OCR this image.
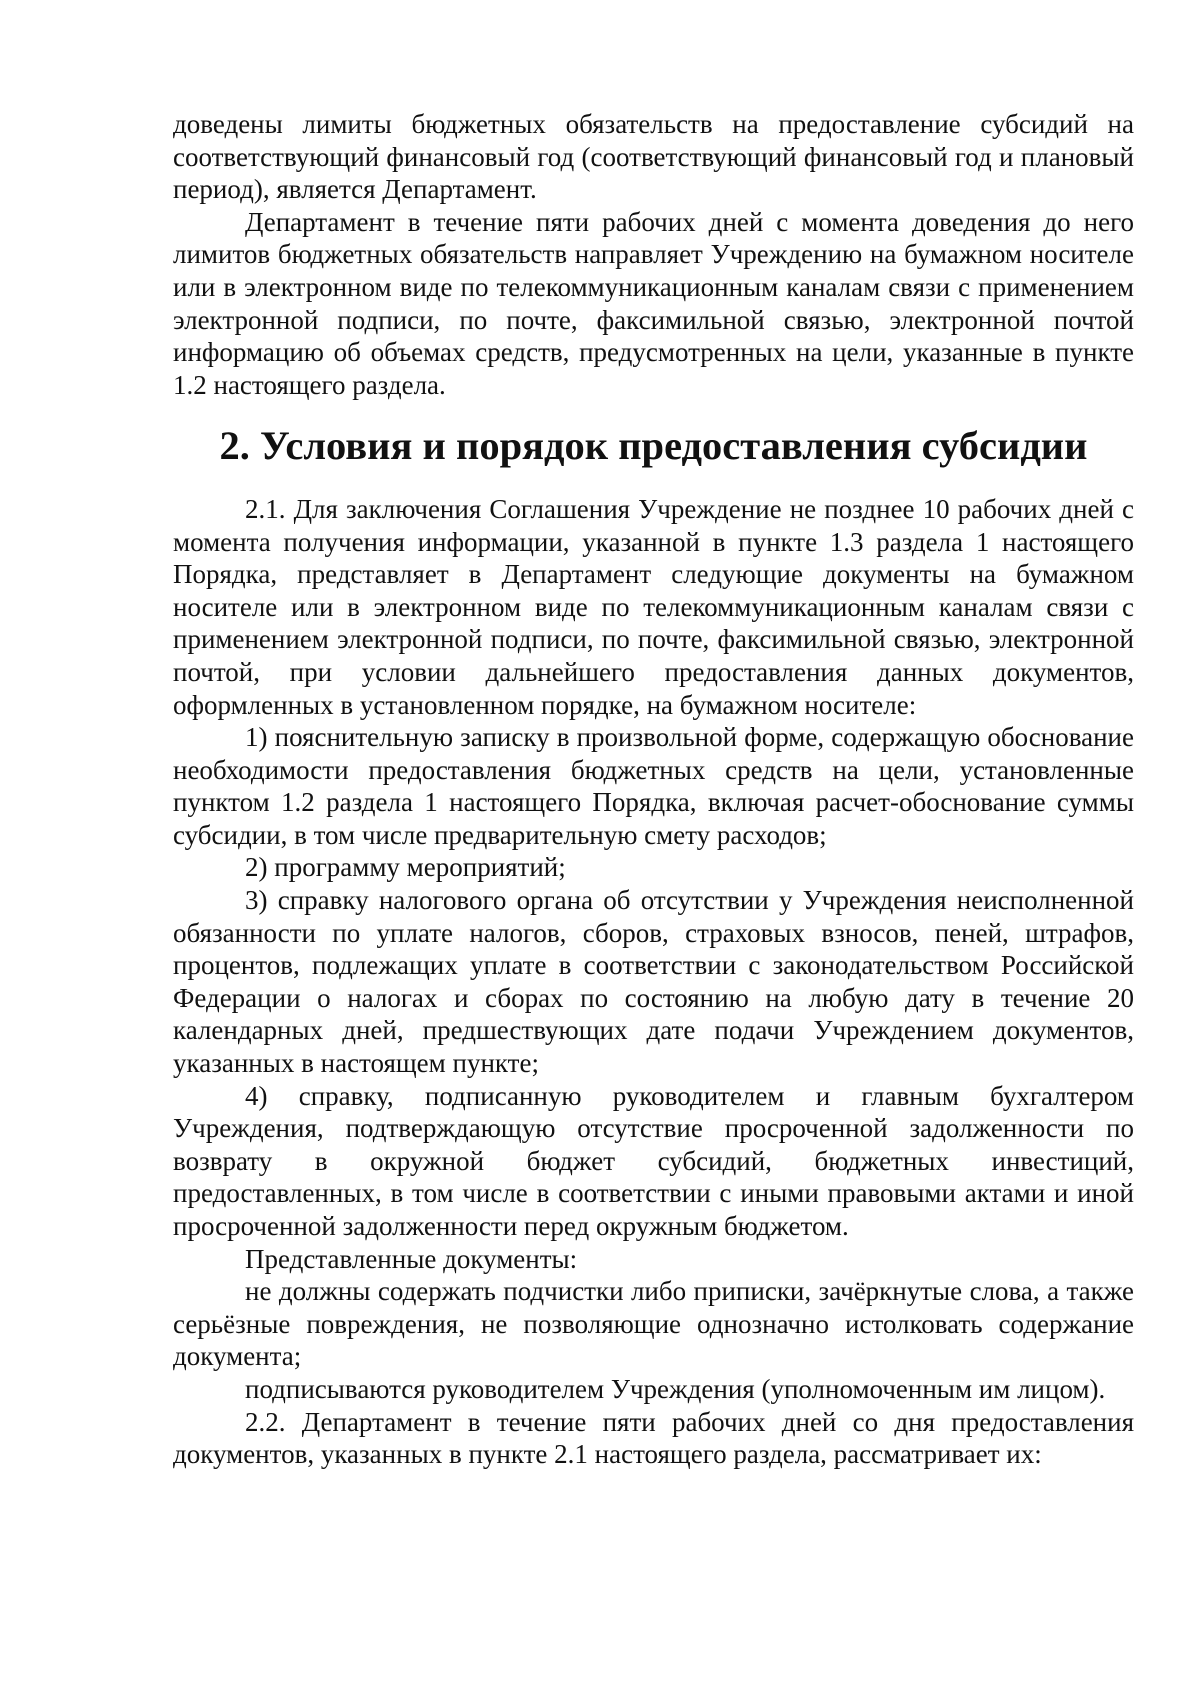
доведены лимиты бюджетных обязательств на предоставление субсидий на соответствующий финансовый год (соответствующий финансовый год и плановый период), является Департамент.

Департамент в течение пяти рабочих дней с момента доведения до него лимитов бюджетных обязательств направляет Учреждению на бумажном носителе или в электронном виде по телекоммуникационным каналам связи с применением электронной подписи, по почте, факсимильной связью, электронной почтой информацию об объемах средств, предусмотренных на цели, указанные в пункте 1.2 настоящего раздела.

2. Условия и порядок предоставления субсидии

2.1. Для заключения Соглашения Учреждение не позднее 10 рабочих дней с момента получения информации, указанной в пункте 1.3 раздела 1 настоящего Порядка, представляет в Департамент следующие документы на бумажном носителе или в электронном виде по телекоммуникационным каналам связи с применением электронной подписи, по почте, факсимильной связью, электронной почтой, при условии дальнейшего предоставления данных документов, оформленных в установленном порядке, на бумажном носителе:

1) пояснительную записку в произвольной форме, содержащую обоснование необходимости предоставления бюджетных средств на цели, установленные пунктом 1.2 раздела 1 настоящего Порядка, включая расчет-обоснование суммы субсидии, в том числе предварительную смету расходов;

2) программу мероприятий;

3) справку налогового органа об отсутствии у Учреждения неисполненной обязанности по уплате налогов, сборов, страховых взносов, пеней, штрафов, процентов, подлежащих уплате в соответствии с законодательством Российской Федерации о налогах и сборах по состоянию на любую дату в течение 20 календарных дней, предшествующих дате подачи Учреждением документов, указанных в настоящем пункте;

4) справку, подписанную руководителем и главным бухгалтером Учреждения, подтверждающую отсутствие просроченной задолженности по возврату в окружной бюджет субсидий, бюджетных инвестиций, предоставленных, в том числе в соответствии с иными правовыми актами и иной просроченной задолженности перед окружным бюджетом.

Представленные документы:

не должны содержать подчистки либо приписки, зачёркнутые слова, а также серьёзные повреждения, не позволяющие однозначно истолковать содержание документа;

подписываются руководителем Учреждения (уполномоченным им лицом).

2.2. Департамент в течение пяти рабочих дней со дня предоставления документов, указанных в пункте 2.1 настоящего раздела, рассматривает их:
